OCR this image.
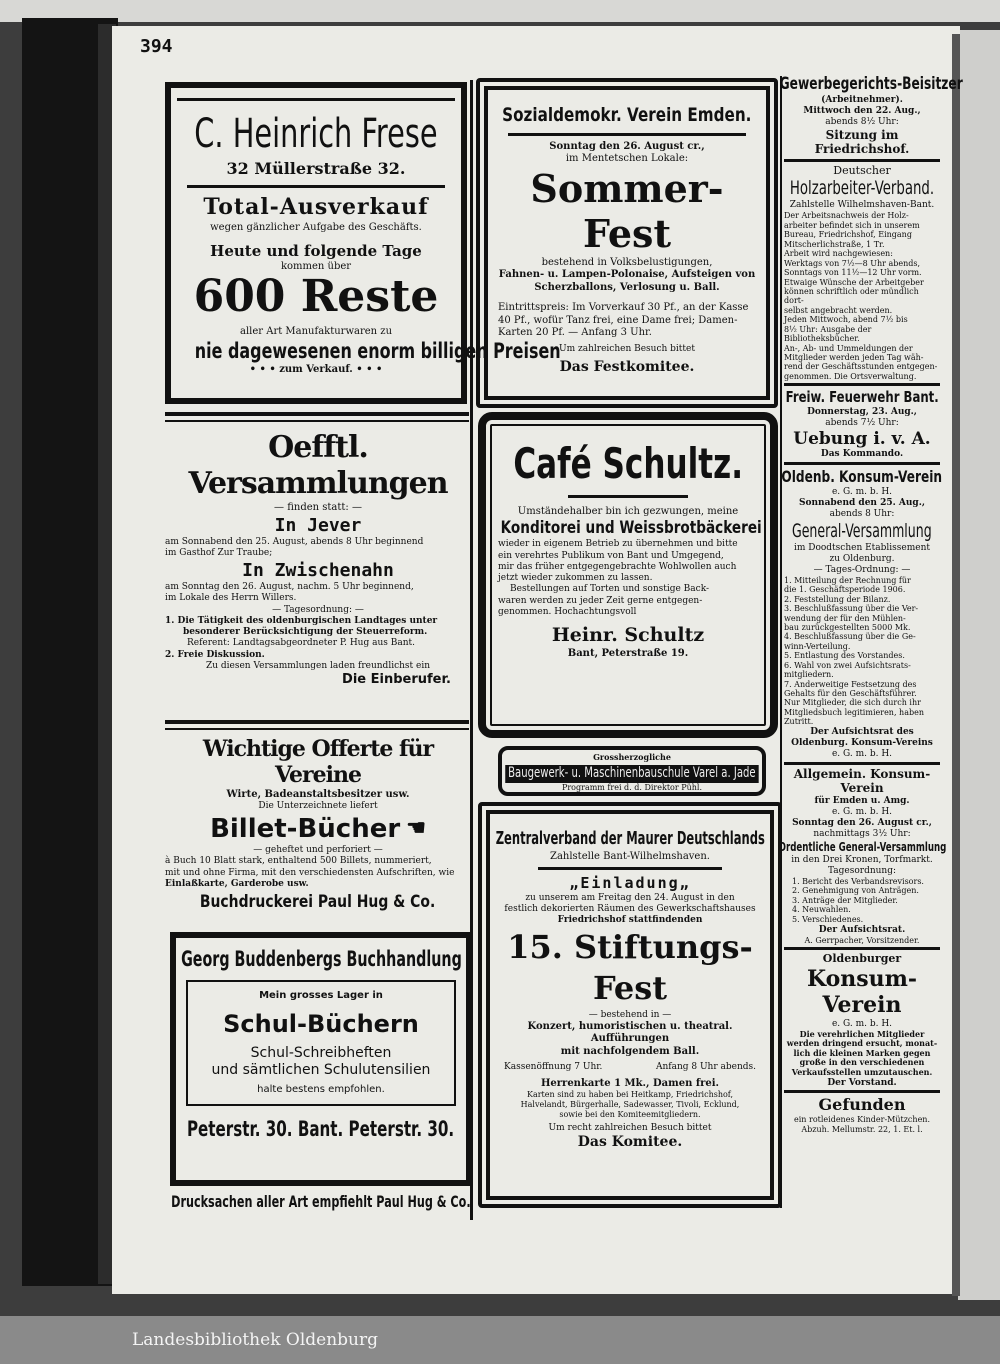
394
C. Heinrich Frese
32 Müllerstraße 32.
Total-Ausverkauf
wegen gänzlicher Aufgabe des Geschäfts.
Heute und folgende Tage
kommen über
600 Reste
aller Art Manufakturwaren zu
nie dagewesenen enorm billigen Preisen
• • • zum Verkauf. • • •
Sozialdemokr. Verein Emden.
Sonntag den 26. August cr.,
im Mentetschen Lokale:
Sommer-Fest
bestehend in Volksbelustigungen,
Fahnen- u. Lampen-Polonaise, Aufsteigen von
Scherzballons, Verlosung u. Ball.
Eintrittspreis: Im Vorverkauf 30 Pf., an der Kasse
40 Pf., wofür Tanz frei, eine Dame frei; Damen-
Karten 20 Pf. — Anfang 3 Uhr.
Um zahlreichen Besuch bittet
Das Festkomitee.
Gewerbegerichts-Beisitzer
(Arbeitnehmer).
Mittwoch den 22. Aug.,
abends 8½ Uhr:
Sitzung im Friedrichshof.
Deutscher
Holzarbeiter-Verband.
Zahlstelle Wilhelmshaven-Bant.
Der Arbeitsnachweis der Holz-
arbeiter befindet sich in unserem
Bureau, Friedrichshof, Eingang
Mitscherlichstraße, 1 Tr.
Arbeit wird nachgewiesen:
Werktags von 7½—8 Uhr abends,
Sonntags von 11½—12 Uhr vorm.
Etwaige Wünsche der Arbeitgeber
können schriftlich oder mündlich dort-
selbst angebracht werden.
Jeden Mittwoch, abend 7½ bis
8½ Uhr: Ausgabe der
Bibliotheksbücher.
An-, Ab- und Ummeldungen der
Mitglieder werden jeden Tag wäh-
rend der Geschäftsstunden entgegen-
genommen. Die Ortsverwaltung.
Freiw. Feuerwehr Bant.
Donnerstag, 23. Aug.,
abends 7½ Uhr:
Uebung i. v. A.
Das Kommando.
Oldenb. Konsum-Verein
e. G. m. b. H.
Sonnabend den 25. Aug.,
abends 8 Uhr:
General-Versammlung
im Doodtschen Etablissement
zu Oldenburg.
— Tages-Ordnung: —
1. Mitteilung der Rechnung für
die 1. Geschäftsperiode 1906.
2. Feststellung der Bilanz.
3. Beschlußfassung über die Ver-
wendung der für den Mühlen-
bau zurückgestellten 5000 Mk.
4. Beschlußfassung über die Ge-
winn-Verteilung.
5. Entlastung des Vorstandes.
6. Wahl von zwei Aufsichtsrats-
mitgliedern.
7. Anderweitige Festsetzung des
Gehalts für den Geschäftsführer.
Nur Mitglieder, die sich durch ihr
Mitgliedsbuch legitimieren, haben
Zutritt.
Der Aufsichtsrat des
Oldenburg. Konsum-Vereins
e. G. m. b. H.
Allgemein. Konsum-Verein
für Emden u. Amg.
e. G. m. b. H.
Sonntag den 26. August cr.,
nachmittags 3½ Uhr:
Ordentliche General-Versammlung
in den Drei Kronen, Torfmarkt.
Tagesordnung:
1. Bericht des Verbandsrevisors.
2. Genehmigung von Anträgen.
3. Anträge der Mitglieder.
4. Neuwahlen.
5. Verschiedenes.
Der Aufsichtsrat.
A. Gerrpacher, Vorsitzender.
Oldenburger
Konsum-Verein
e. G. m. b. H.
Die verehrlichen Mitglieder
werden dringend ersucht, monat-
lich die kleinen Marken gegen
große in den verschiedenen
Verkaufsstellen umzutauschen.
Der Vorstand.
Gefunden
ein rotleidenes Kinder-Mützchen.
Abzuh. Mellumstr. 22, 1. Et. l.
Oefftl. Versammlungen
— finden statt: —
In Jever
am Sonnabend den 25. August, abends 8 Uhr beginnend
im Gasthof Zur Traube;
In Zwischenahn
am Sonntag den 26. August, nachm. 5 Uhr beginnend,
im Lokale des Herrn Willers.
— Tagesordnung: —
1. Die Tätigkeit des oldenburgischen Landtages unter
besonderer Berücksichtigung der Steuerreform.
Referent: Landtagsabgeordneter P. Hug aus Bant.
2. Freie Diskussion.
Zu diesen Versammlungen laden freundlichst ein
Die Einberufer.
Café Schultz.
Umständehalber bin ich gezwungen, meine
Konditorei und Weissbrotbäckerei
wieder in eigenem Betrieb zu übernehmen und bitte
ein verehrtes Publikum von Bant und Umgegend,
mir das früher entgegengebrachte Wohlwollen auch
jetzt wieder zukommen zu lassen.
Bestellungen auf Torten und sonstige Back-
waren werden zu jeder Zeit gerne entgegen-
genommen. Hochachtungsvoll
Heinr. Schultz
Bant, Peterstraße 19.
Grossherzogliche
Baugewerk- u. Maschinenbauschule Varel a. Jade
Programm frei d. d. Direktor Pühl.
Wichtige Offerte für Vereine
Wirte, Badeanstaltsbesitzer usw.
Die Unterzeichnete liefert
Billet-Bücher ☚
— geheftet und perforiert —
à Buch 10 Blatt stark, enthaltend 500 Billets, nummeriert,
mit und ohne Firma, mit den verschiedensten Aufschriften, wie
Einlaßkarte, Garderobe usw.
Buchdruckerei Paul Hug & Co.
Zentralverband der Maurer Deutschlands
Zahlstelle Bant-Wilhelmshaven.
„Einladung„
zu unserem am Freitag den 24. August in den
festlich dekorierten Räumen des Gewerkschaftshauses
Friedrichshof stattfindenden
15. Stiftungs-Fest
— bestehend in —
Konzert, humoristischen u. theatral. Aufführungen
mit nachfolgendem Ball.
Kassenöffnung 7 Uhr.	Anfang 8 Uhr abends.
Herrenkarte 1 Mk., Damen frei.
Karten sind zu haben bei Heitkamp, Friedrichshof,
Halvelandt, Bürgerhalle, Sadewasser, Tivoli, Ecklund,
sowie bei den Komiteemitgliedern.
Um recht zahlreichen Besuch bittet
Das Komitee.
Georg Buddenbergs Buchhandlung
Mein grosses Lager in
Schul-Büchern
Schul-Schreibheften
und sämtlichen Schulutensilien
halte bestens empfohlen.
Peterstr. 30. Bant. Peterstr. 30.
Drucksachen aller Art empfiehlt Paul Hug & Co.
Landesbibliothek Oldenburg
